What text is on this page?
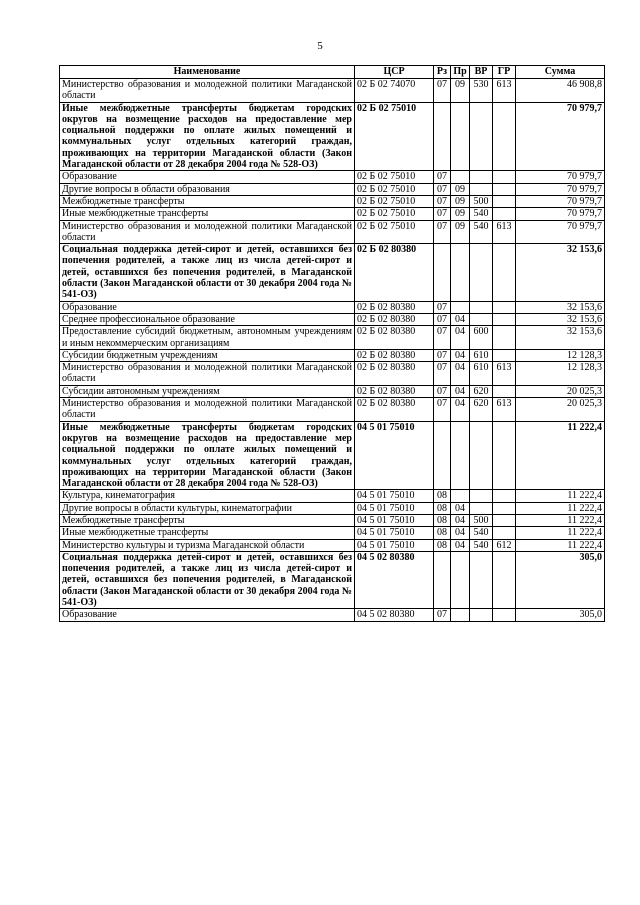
5
Наименование	ЦСР	Рз	Пр	ВР	ГР	Сумма
Министерство образования и молодежной политики Магаданской области	02 Б 02 74070	07	09	530	613	46 908,8
Иные межбюджетные трансферты бюджетам городских округов на возмещение расходов на предоставление мер социальной поддержки по оплате жилых помещений и коммунальных услуг отдельных категорий граждан, проживающих на территории Магаданской области (Закон Магаданской области от 28 декабря 2004 года № 528-ОЗ)	02 Б 02 75010					70 979,7
Образование	02 Б 02 75010	07				70 979,7
Другие вопросы в области образования	02 Б 02 75010	07	09			70 979,7
Межбюджетные трансферты	02 Б 02 75010	07	09	500		70 979,7
Иные межбюджетные трансферты	02 Б 02 75010	07	09	540		70 979,7
Министерство образования и молодежной политики Магаданской области	02 Б 02 75010	07	09	540	613	70 979,7
Социальная поддержка детей-сирот и детей, оставшихся без попечения родителей, а также лиц из числа детей-сирот и детей, оставшихся без попечения родителей, в Магаданской области (Закон Магаданской области от 30 декабря 2004 года № 541-ОЗ)	02 Б 02 80380					32 153,6
Образование	02 Б 02 80380	07				32 153,6
Среднее профессиональное образование	02 Б 02 80380	07	04			32 153,6
Предоставление субсидий бюджетным, автономным учреждениям и иным некоммерческим организациям	02 Б 02 80380	07	04	600		32 153,6
Субсидии бюджетным учреждениям	02 Б 02 80380	07	04	610		12 128,3
Министерство образования и молодежной политики Магаданской области	02 Б 02 80380	07	04	610	613	12 128,3
Субсидии автономным учреждениям	02 Б 02 80380	07	04	620		20 025,3
Министерство образования и молодежной политики Магаданской области	02 Б 02 80380	07	04	620	613	20 025,3
Иные межбюджетные трансферты бюджетам городских округов на возмещение расходов на предоставление мер социальной поддержки по оплате жилых помещений и коммунальных услуг отдельных категорий граждан, проживающих на территории Магаданской области (Закон Магаданской области от 28 декабря 2004 года № 528-ОЗ)	04 5 01 75010					11 222,4
Культура, кинематография	04 5 01 75010	08				11 222,4
Другие вопросы в области культуры, кинематографии	04 5 01 75010	08	04			11 222,4
Межбюджетные трансферты	04 5 01 75010	08	04	500		11 222,4
Иные межбюджетные трансферты	04 5 01 75010	08	04	540		11 222,4
Министерство культуры и туризма Магаданской области	04 5 01 75010	08	04	540	612	11 222,4
Социальная поддержка детей-сирот и детей, оставшихся без попечения родителей, а также лиц из числа детей-сирот и детей, оставшихся без попечения родителей, в Магаданской области (Закон Магаданской области от 30 декабря 2004 года № 541-ОЗ)	04 5 02 80380					305,0
Образование	04 5 02 80380	07				305,0
